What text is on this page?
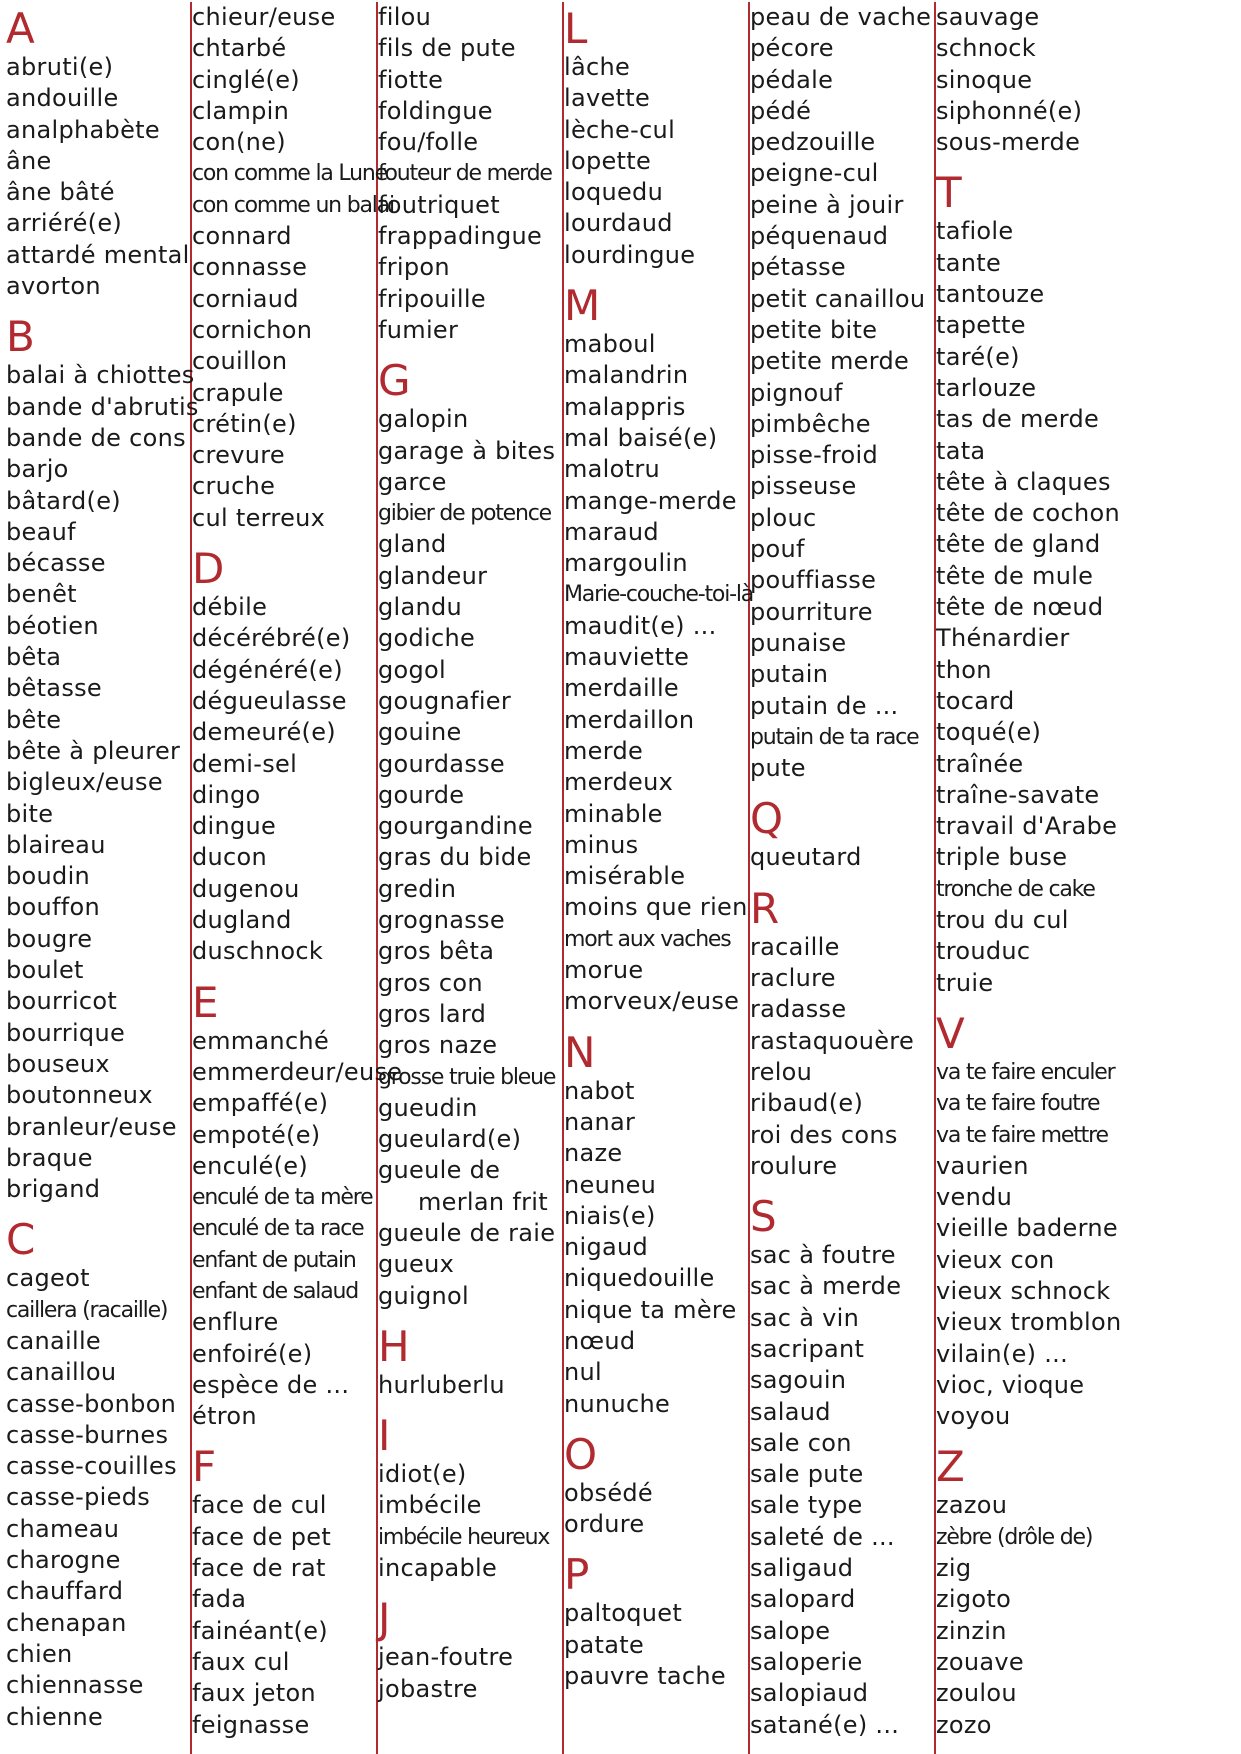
A
abruti(e)
andouille
analphabète
âne
âne bâté
arriéré(e)
attardé mental
avorton
B
balai à chiottes
bande d'abrutis
bande de cons
barjo
bâtard(e)
beauf
bécasse
benêt
béotien
bêta
bêtasse
bête
bête à pleurer
bigleux/euse
bite
blaireau
boudin
bouffon
bougre
boulet
bourricot
bourrique
bouseux
boutonneux
branleur/euse
braque
brigand
C
cageot
caillera (racaille)
canaille
canaillou
casse-bonbon
casse-burnes
casse-couilles
casse-pieds
chameau
charogne
chauffard
chenapan
chien
chiennasse
chienne
chieur/euse
chtarbé
cinglé(e)
clampin
con(ne)
con comme la Lune
con comme un balai
connard
connasse
corniaud
cornichon
couillon
crapule
crétin(e)
crevure
cruche
cul terreux
D
débile
décérébré(e)
dégénéré(e)
dégueulasse
demeuré(e)
demi-sel
dingo
dingue
ducon
dugenou
dugland
duschnock
E
emmanché
emmerdeur/euse
empaffé(e)
empoté(e)
enculé(e)
enculé de ta mère
enculé de ta race
enfant de putain
enfant de salaud
enflure
enfoiré(e)
espèce de ...
étron
F
face de cul
face de pet
face de rat
fada
fainéant(e)
faux cul
faux jeton
feignasse
filou
fils de pute
fiotte
foldingue
fou/folle
fouteur de merde
foutriquet
frappadingue
fripon
fripouille
fumier
G
galopin
garage à bites
garce
gibier de potence
gland
glandeur
glandu
godiche
gogol
gougnafier
gouine
gourdasse
gourde
gourgandine
gras du bide
gredin
grognasse
gros bêta
gros con
gros lard
gros naze
grosse truie bleue
gueudin
gueulard(e)
gueule de
merlan frit
gueule de raie
gueux
guignol
H
hurluberlu
I
idiot(e)
imbécile
imbécile heureux
incapable
J
jean-foutre
jobastre
L
lâche
lavette
lèche-cul
lopette
loquedu
lourdaud
lourdingue
M
maboul
malandrin
malappris
mal baisé(e)
malotru
mange-merde
maraud
margoulin
Marie-couche-toi-là
maudit(e) ...
mauviette
merdaille
merdaillon
merde
merdeux
minable
minus
misérable
moins que rien
mort aux vaches
morue
morveux/euse
N
nabot
nanar
naze
neuneu
niais(e)
nigaud
niquedouille
nique ta mère
nœud
nul
nunuche
O
obsédé
ordure
P
paltoquet
patate
pauvre tache
peau de vache
pécore
pédale
pédé
pedzouille
peigne-cul
peine à jouir
péquenaud
pétasse
petit canaillou
petite bite
petite merde
pignouf
pimbêche
pisse-froid
pisseuse
plouc
pouf
pouffiasse
pourriture
punaise
putain
putain de ...
putain de ta race
pute
Q
queutard
R
racaille
raclure
radasse
rastaquouère
relou
ribaud(e)
roi des cons
roulure
S
sac à foutre
sac à merde
sac à vin
sacripant
sagouin
salaud
sale con
sale pute
sale type
saleté de ...
saligaud
salopard
salope
saloperie
salopiaud
satané(e) ...
sauvage
schnock
sinoque
siphonné(e)
sous-merde
T
tafiole
tante
tantouze
tapette
taré(e)
tarlouze
tas de merde
tata
tête à claques
tête de cochon
tête de gland
tête de mule
tête de nœud
Thénardier
thon
tocard
toqué(e)
traînée
traîne-savate
travail d'Arabe
triple buse
tronche de cake
trou du cul
trouduc
truie
V
va te faire enculer
va te faire foutre
va te faire mettre
vaurien
vendu
vieille baderne
vieux con
vieux schnock
vieux tromblon
vilain(e) ...
vioc, vioque
voyou
Z
zazou
zèbre (drôle de)
zig
zigoto
zinzin
zouave
zoulou
zozo
